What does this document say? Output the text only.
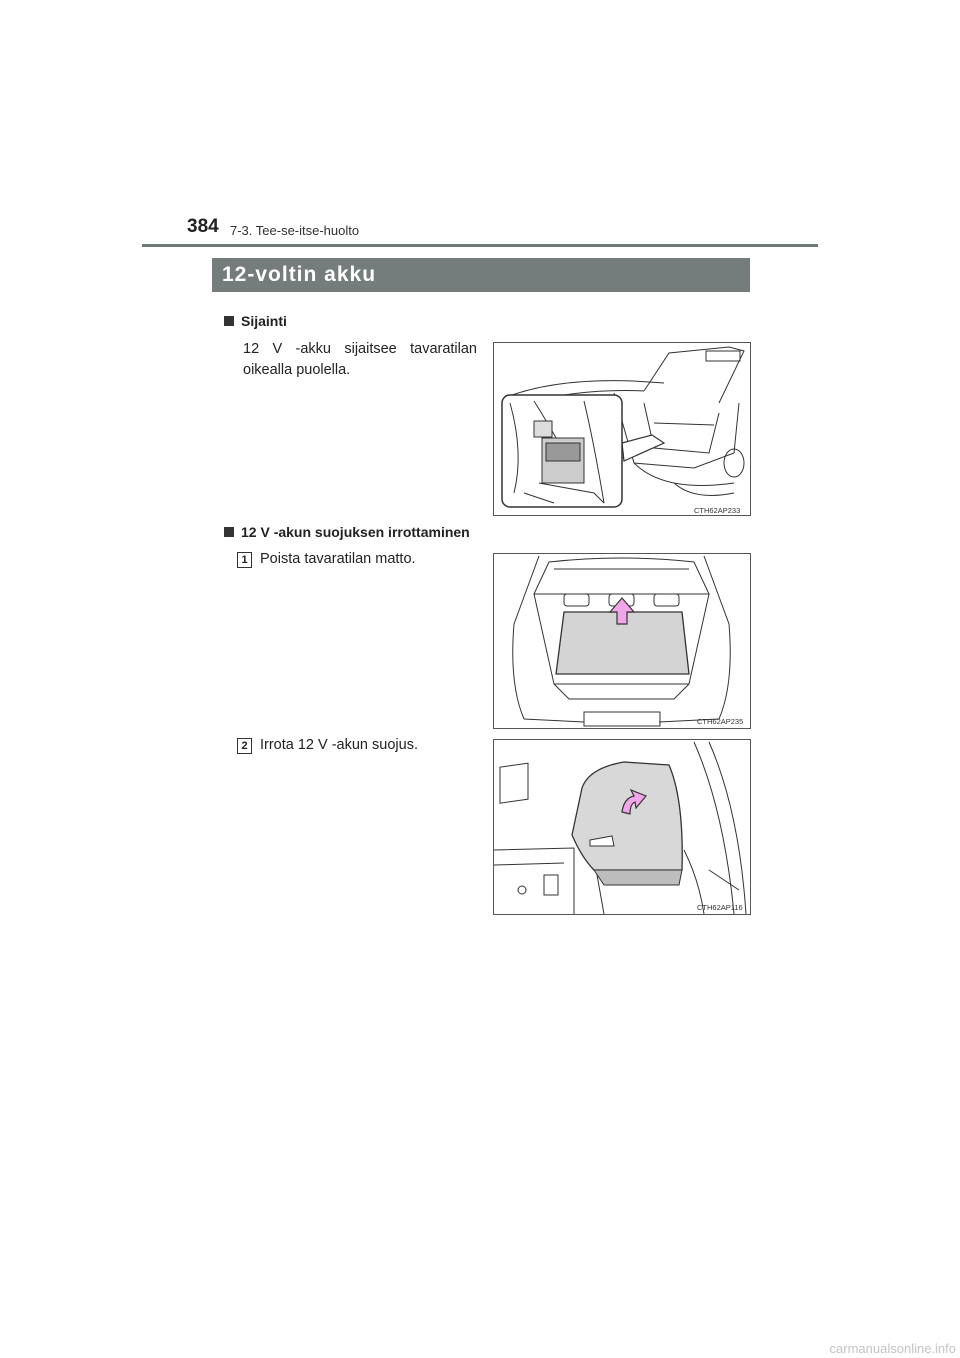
384 7-3. Tee-se-itse-huolto
12-voltin akku
Sijainti
12 V -akku sijaitsee tavaratilan
oikealla puolella.
CTH62AP233
12 V -akun suojuksen irrottaminen
1 Poista tavaratilan matto.
CTH62AP235
2 Irrota 12 V -akun suojus.
CTH62AP116
carmanualsonline.info
